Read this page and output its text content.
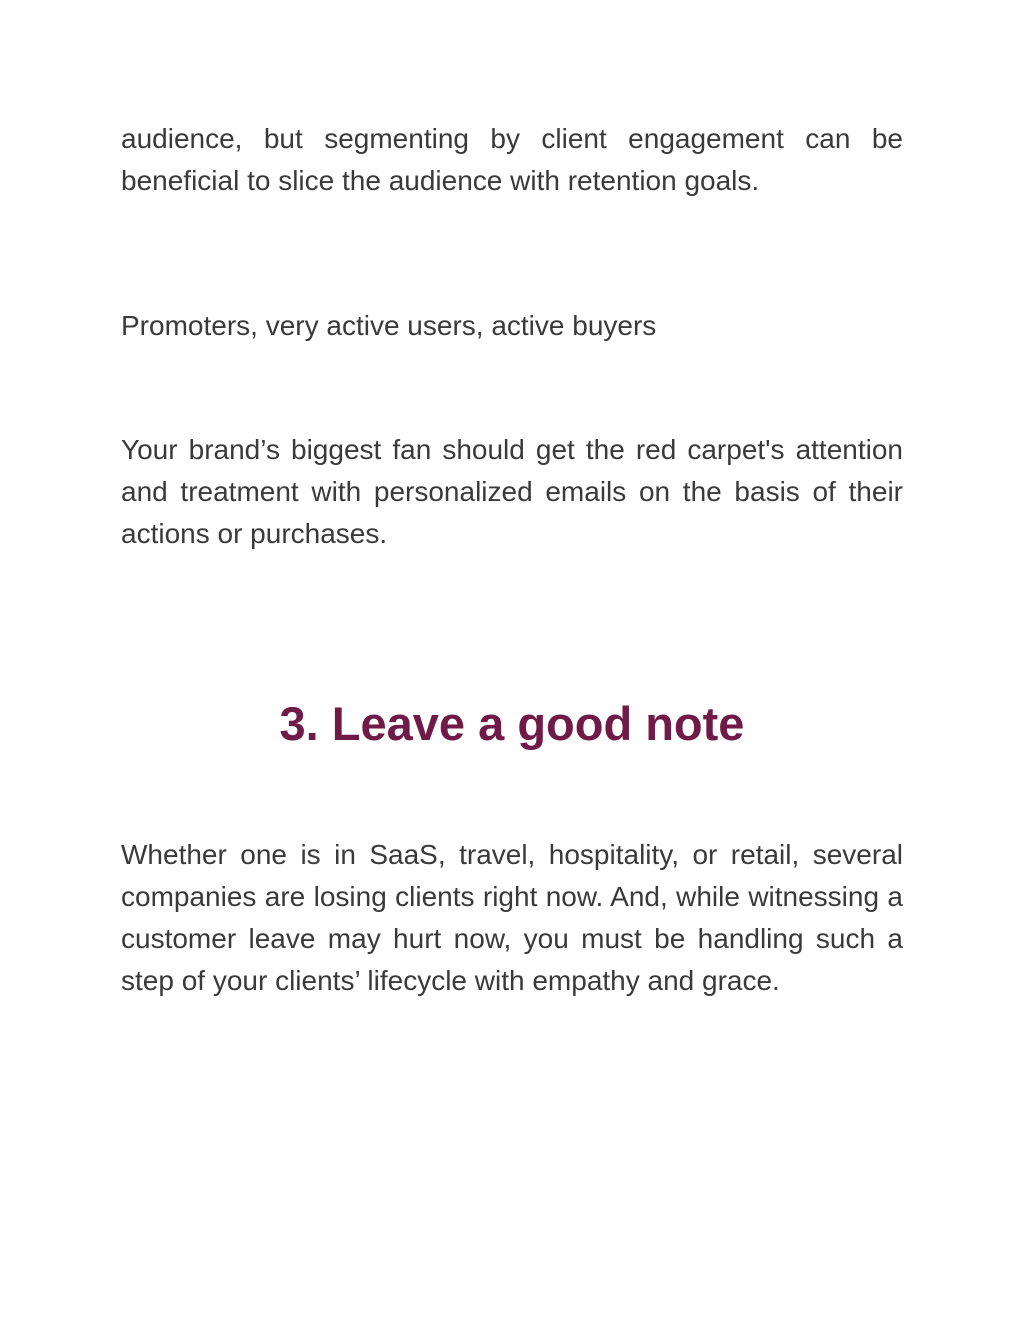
audience, but segmenting by client engagement can be beneficial to slice the audience with retention goals.

Promoters, very active users, active buyers

Your brand’s biggest fan should get the red carpet's attention and treatment with personalized emails on the basis of their actions or purchases.

3. Leave a good note

Whether one is in SaaS, travel, hospitality, or retail, several companies are losing clients right now. And, while witnessing a customer leave may hurt now, you must be handling such a step of your clients’ lifecycle with empathy and grace.
